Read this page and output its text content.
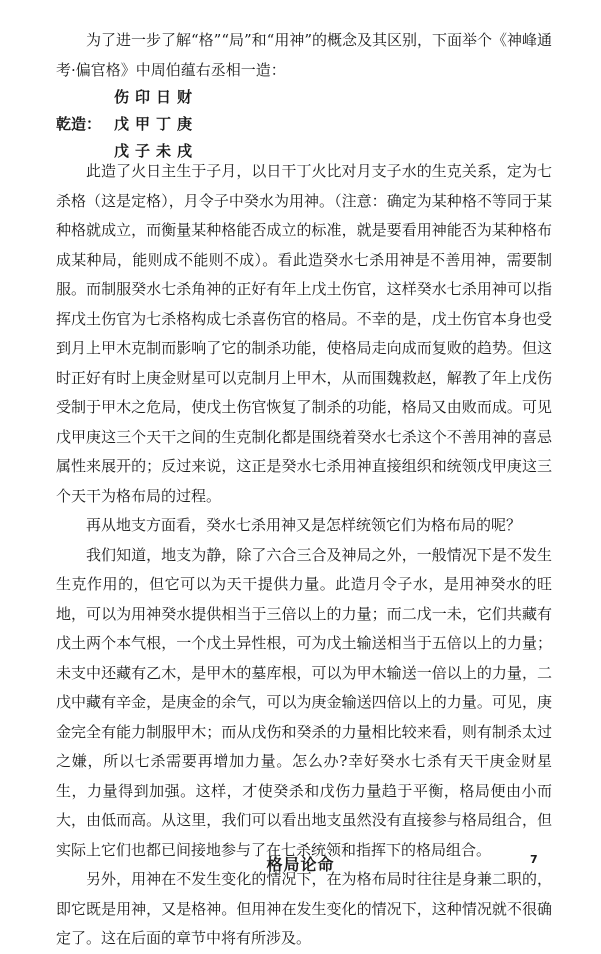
为了进一步了解“格”“局”和“用神”的概念及其区别，下面举个《神峰通考·偏官格》中周伯蕴右丞相一造：
伤印日财
乾造： 戊甲丁庚
戊子未戌

此造了火日主生于子月，以日干丁火比对月支子水的生克关系，定为七杀格（这是定格），月令子中癸水为用神。（注意：确定为某种格不等同于某种格就成立，而衡量某种格能否成立的标准，就是要看用神能否为某种格布成某种局，能则成不能则不成）。看此造癸水七杀用神是不善用神，需要制服。而制服癸水七杀角神的正好有年上戊土伤官，这样癸水七杀用神可以指挥戊土伤官为七杀格构成七杀喜伤官的格局。不幸的是，戊土伤官本身也受到月上甲木克制而影响了它的制杀功能，使格局走向成而复败的趋势。但这时正好有时上庚金财星可以克制月上甲木，从而围魏救赵，解教了年上戊伤受制于甲木之危局，使戊土伤官恢复了制杀的功能，格局又由败而成。可见戊甲庚这三个天干之间的生克制化都是围绕着癸水七杀这个不善用神的喜忌属性来展开的；反过来说，这正是癸水七杀用神直接组织和统领戊甲庚这三个天干为格布局的过程。

再从地支方面看，癸水七杀用神又是怎样统领它们为格布局的呢？

我们知道，地支为静，除了六合三合及神局之外，一般情况下是不发生生克作用的，但它可以为天干提供力量。此造月令子水，是用神癸水的旺地，可以为用神癸水提供相当于三倍以上的力量；而二戊一未，它们共藏有戊土两个本气根，一个戊土异性根，可为戊土输送相当于五倍以上的力量；未支中还藏有乙木，是甲木的墓库根，可以为甲木输送一倍以上的力量，二戊中藏有辛金，是庚金的余气，可以为庚金输送四倍以上的力量。可见，庚金完全有能力制服甲木；而从戊伤和癸杀的力量相比较来看，则有制杀太过之嫌，所以七杀需要再增加力量。怎么办?幸好癸水七杀有天干庚金财星生，力量得到加强。这样，才使癸杀和戊伤力量趋于平衡，格局便由小而大，由低而高。从这里，我们可以看出地支虽然没有直接参与格局组合，但实际上它们也都已间接地参与了在七杀统领和指挥下的格局组合。

另外，用神在不发生变化的情况下，在为格布局时往往是身兼二职的，即它既是用神，又是格神。但用神在发生变化的情况下，这种情况就不很确定了。这在后面的章节中将有所涉及。

格局论命	7
